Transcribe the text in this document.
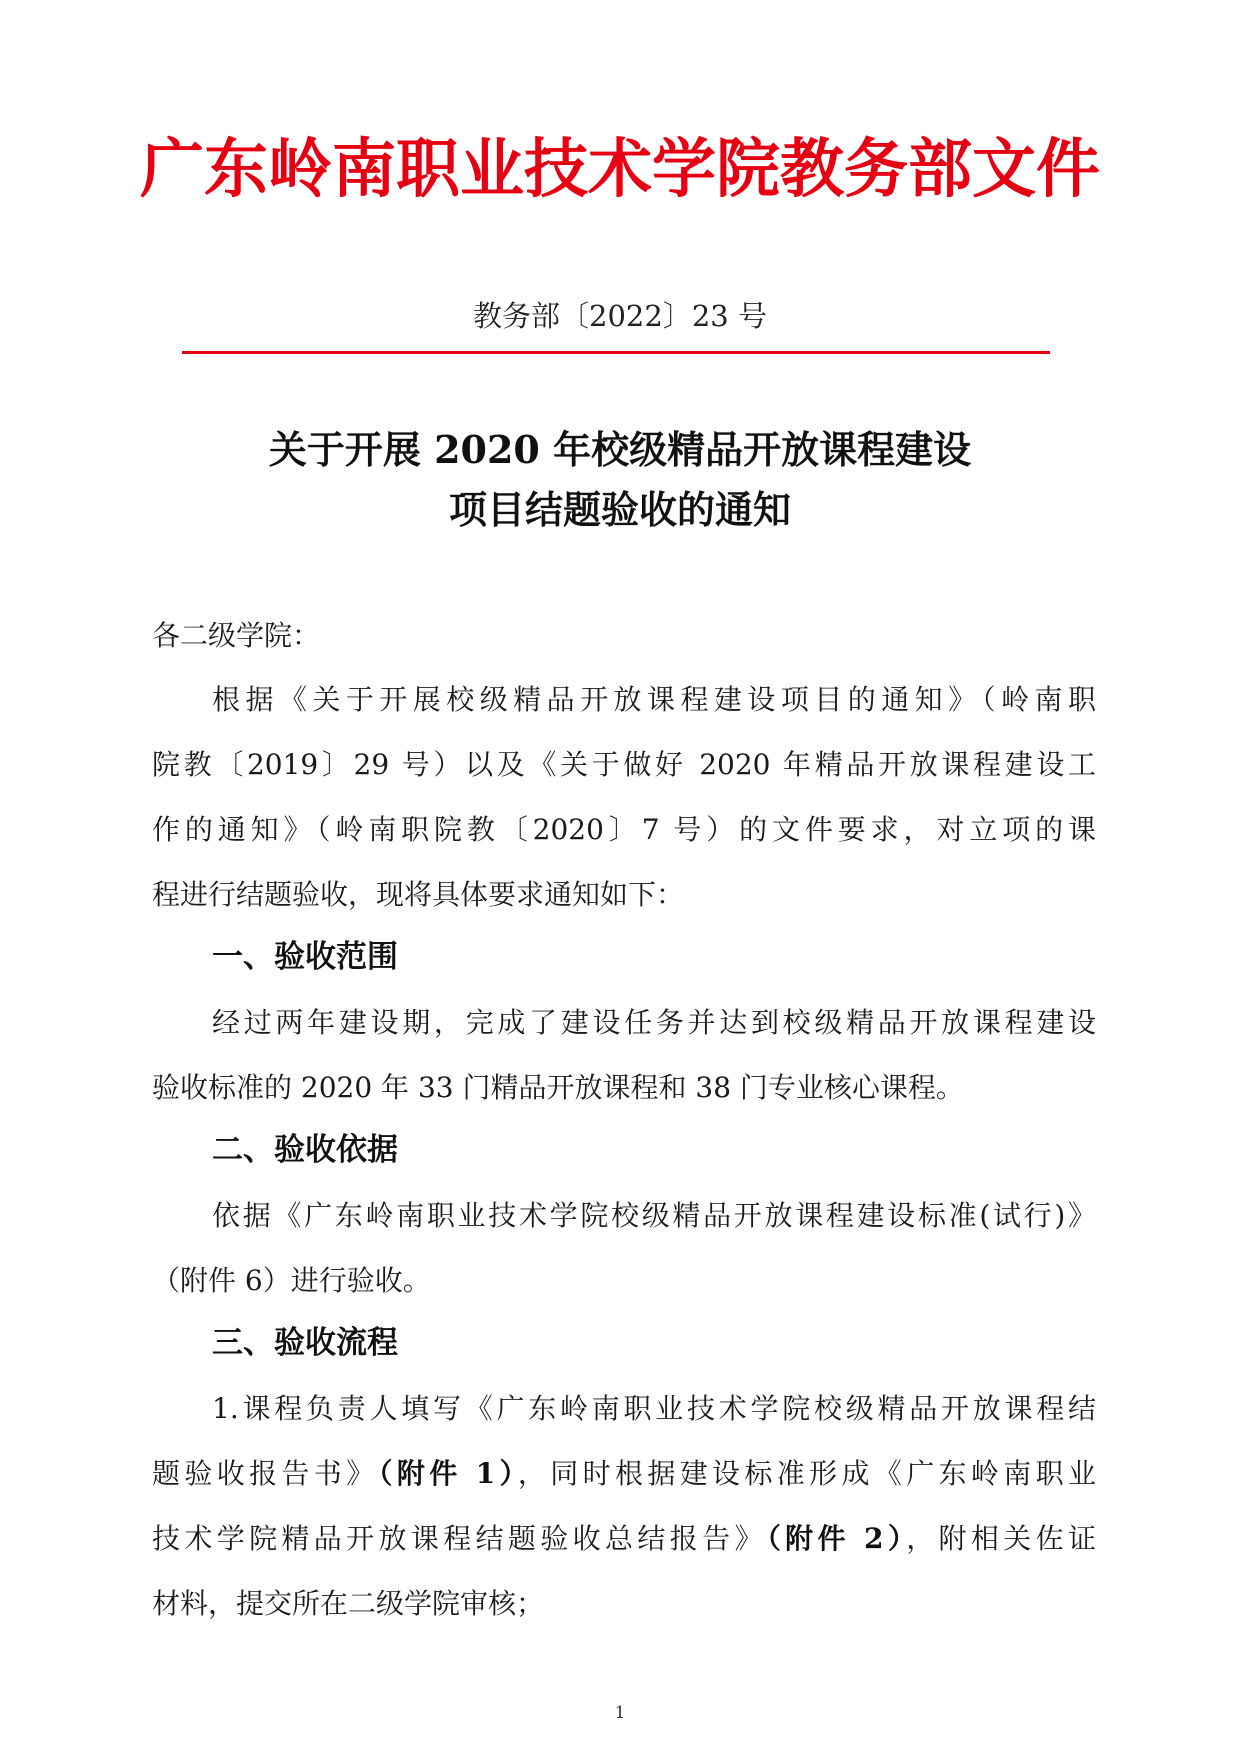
广东岭南职业技术学院教务部文件
教务部〔2022〕23 号
关于开展 2020 年校级精品开放课程建设
项目结题验收的通知
各二级学院：
根据《关于开展校级精品开放课程建设项目的通知》（岭南职
院教〔2019〕29 号）以及《关于做好 2020 年精品开放课程建设工
作的通知》（岭南职院教〔2020〕7 号）的文件要求，对立项的课
程进行结题验收，现将具体要求通知如下：
一、验收范围
经过两年建设期，完成了建设任务并达到校级精品开放课程建设
验收标准的 2020 年 33 门精品开放课程和 38 门专业核心课程。
二、验收依据
依据《广东岭南职业技术学院校级精品开放课程建设标准(试行)》
（附件 6）进行验收。
三、验收流程
1.课程负责人填写《广东岭南职业技术学院校级精品开放课程结
题验收报告书》（附件 1），同时根据建设标准形成《广东岭南职业
技术学院精品开放课程结题验收总结报告》（附件 2），附相关佐证
材料，提交所在二级学院审核；
1
